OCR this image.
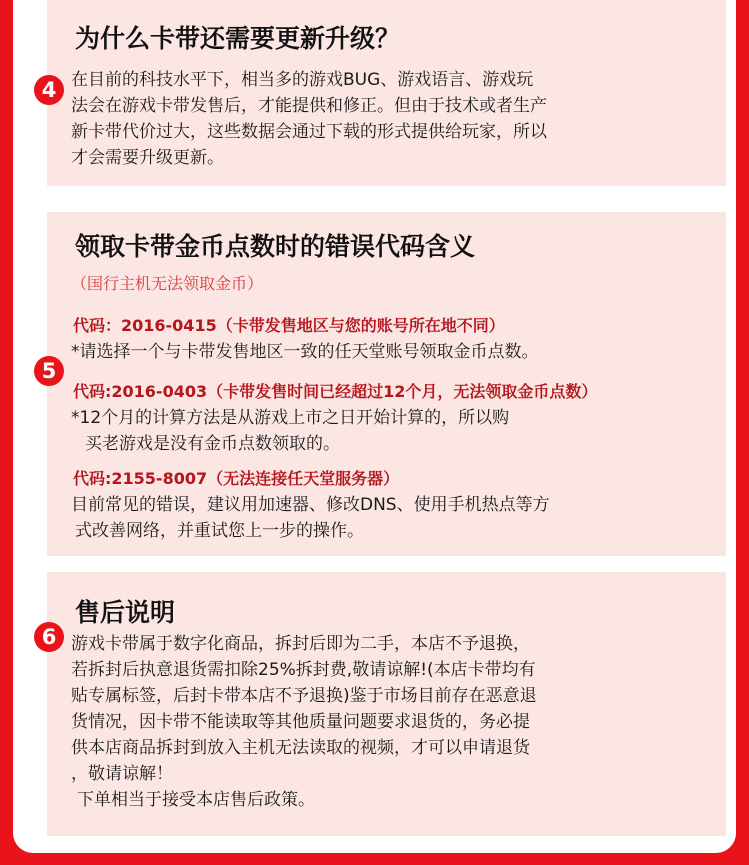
4
为什么卡带还需要更新升级？
在目前的科技水平下，相当多的游戏BUG、游戏语言、游戏玩
法会在游戏卡带发售后，才能提供和修正。但由于技术或者生产
新卡带代价过大，这些数据会通过下载的形式提供给玩家，所以
才会需要升级更新。
5
领取卡带金币点数时的错误代码含义
（国行主机无法领取金币）
代码：2016-0415（卡带发售地区与您的账号所在地不同）
*请选择一个与卡带发售地区一致的任天堂账号领取金币点数。
代码:2016-0403（卡带发售时间已经超过12个月，无法领取金币点数）
*12个月的计算方法是从游戏上市之日开始计算的，所以购
买老游戏是没有金币点数领取的。
代码:2155-8007（无法连接任天堂服务器）
目前常见的错误，建议用加速器、修改DNS、使用手机热点等方
式改善网络，并重试您上一步的操作。
6
售后说明
游戏卡带属于数字化商品，拆封后即为二手，本店不予退换，
若拆封后执意退货需扣除25%拆封费,敬请谅解!(本店卡带均有
贴专属标签，后封卡带本店不予退换)鉴于市场目前存在恶意退
货情况，因卡带不能读取等其他质量问题要求退货的，务必提
供本店商品拆封到放入主机无法读取的视频，才可以申请退货
，敬请谅解！
下单相当于接受本店售后政策。
